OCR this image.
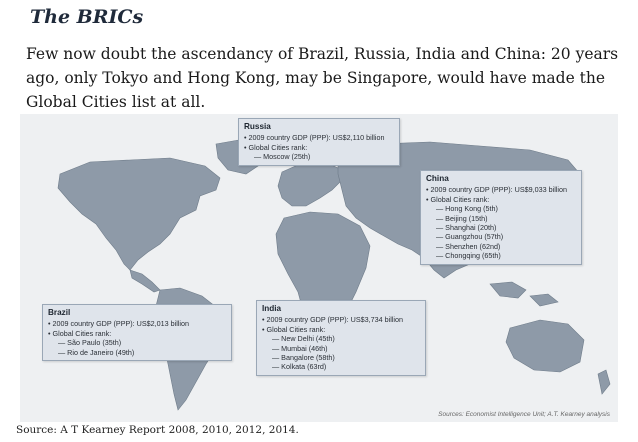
The BRICs
Few now doubt the ascendancy of Brazil, Russia, India and China: 20 years ago, only Tokyo and Hong Kong, may be Singapore, would have made the Global Cities list at all.
Russia
• 2009 country GDP (PPP): US$2,110 billion
• Global Cities rank:
— Moscow (25th)
China
• 2009 country GDP (PPP): US$9,033 billion
• Global Cities rank:
— Hong Kong (5th)
— Beijing (15th)
— Shanghai (20th)
— Guangzhou (57th)
— Shenzhen (62nd)
— Chongqing (65th)
Brazil
• 2009 country GDP (PPP): US$2,013 billion
• Global Cities rank:
— São Paulo (35th)
— Rio de Janeiro (49th)
India
• 2009 country GDP (PPP): US$3,734 billion
• Global Cities rank:
— New Delhi (45th)
— Mumbai (46th)
— Bangalore (58th)
— Kolkata (63rd)
Sources: Economist Intelligence Unit; A.T. Kearney analysis
Source: A T Kearney Report 2008, 2010, 2012, 2014.
